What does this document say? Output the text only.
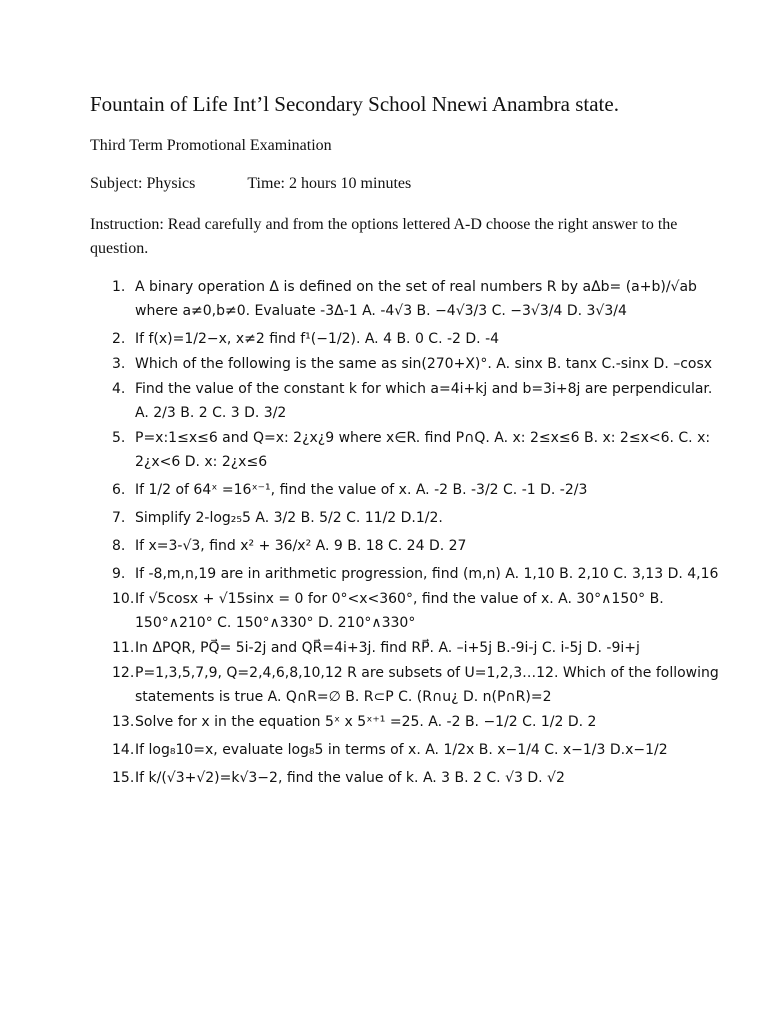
Fountain of Life Int’l Secondary School Nnewi Anambra state.

Third Term Promotional Examination

Subject: Physics	Time: 2 hours 10 minutes

Instruction: Read carefully and from the options lettered A-D choose the right answer to the question.

1. A binary operation Δ is defined on the set of real numbers R by aΔb= (a+b)/√ab where a≠0,b≠0. Evaluate -3Δ-1 A. -4√3 B. −4√3/3 C. −3√3/4 D. 3√3/4
2. If f(x)=1/2−x, x≠2 find f¹(−1/2). A. 4 B. 0 C. -2 D. -4
3. Which of the following is the same as sin(270+X)°. A. sinx B. tanx C.-sinx D. –cosx
4. Find the value of the constant k for which a=4i+kj and b=3i+8j are perpendicular. A. 2/3 B. 2 C. 3 D. 3/2
5. P=x:1≤x≤6 and Q=x: 2¿x¿9 where x∈R. find P∩Q. A. x: 2≤x≤6 B. x: 2≤x<6. C. x: 2¿x<6 D. x: 2¿x≤6
6. If 1/2 of 64ˣ =16ˣ⁻¹, find the value of x. A. -2 B. -3/2 C. -1 D. -2/3
7. Simplify 2-log₂₅5 A. 3/2 B. 5/2 C. 11/2 D.1/2.
8. If x=3-√3, find x² + 36/x² A. 9 B. 18 C. 24 D. 27
9. If -8,m,n,19 are in arithmetic progression, find (m,n) A. 1,10 B. 2,10 C. 3,13 D. 4,16
10. If √5cosx + √15sinx = 0 for 0°<x<360°, find the value of x. A. 30°∧150° B. 150°∧210° C. 150°∧330° D. 210°∧330°
11. In ΔPQR, PQ⃗= 5i-2j and QR⃗=4i+3j. find RP⃗. A. –i+5j B.-9i-j C. i-5j D. -9i+j
12. P=1,3,5,7,9, Q=2,4,6,8,10,12 R are subsets of U=1,2,3…12. Which of the following statements is true A. Q∩R=∅ B. R⊂P C. (R∩u¿ D. n(P∩R)=2
13. Solve for x in the equation 5ˣ x 5ˣ⁺¹ =25. A. -2 B. −1/2 C. 1/2 D. 2
14. If log₈10=x, evaluate log₈5 in terms of x. A. 1/2x B. x−1/4 C. x−1/3 D.x−1/2
15. If k/(√3+√2)=k√3−2, find the value of k. A. 3 B. 2 C. √3 D. √2
